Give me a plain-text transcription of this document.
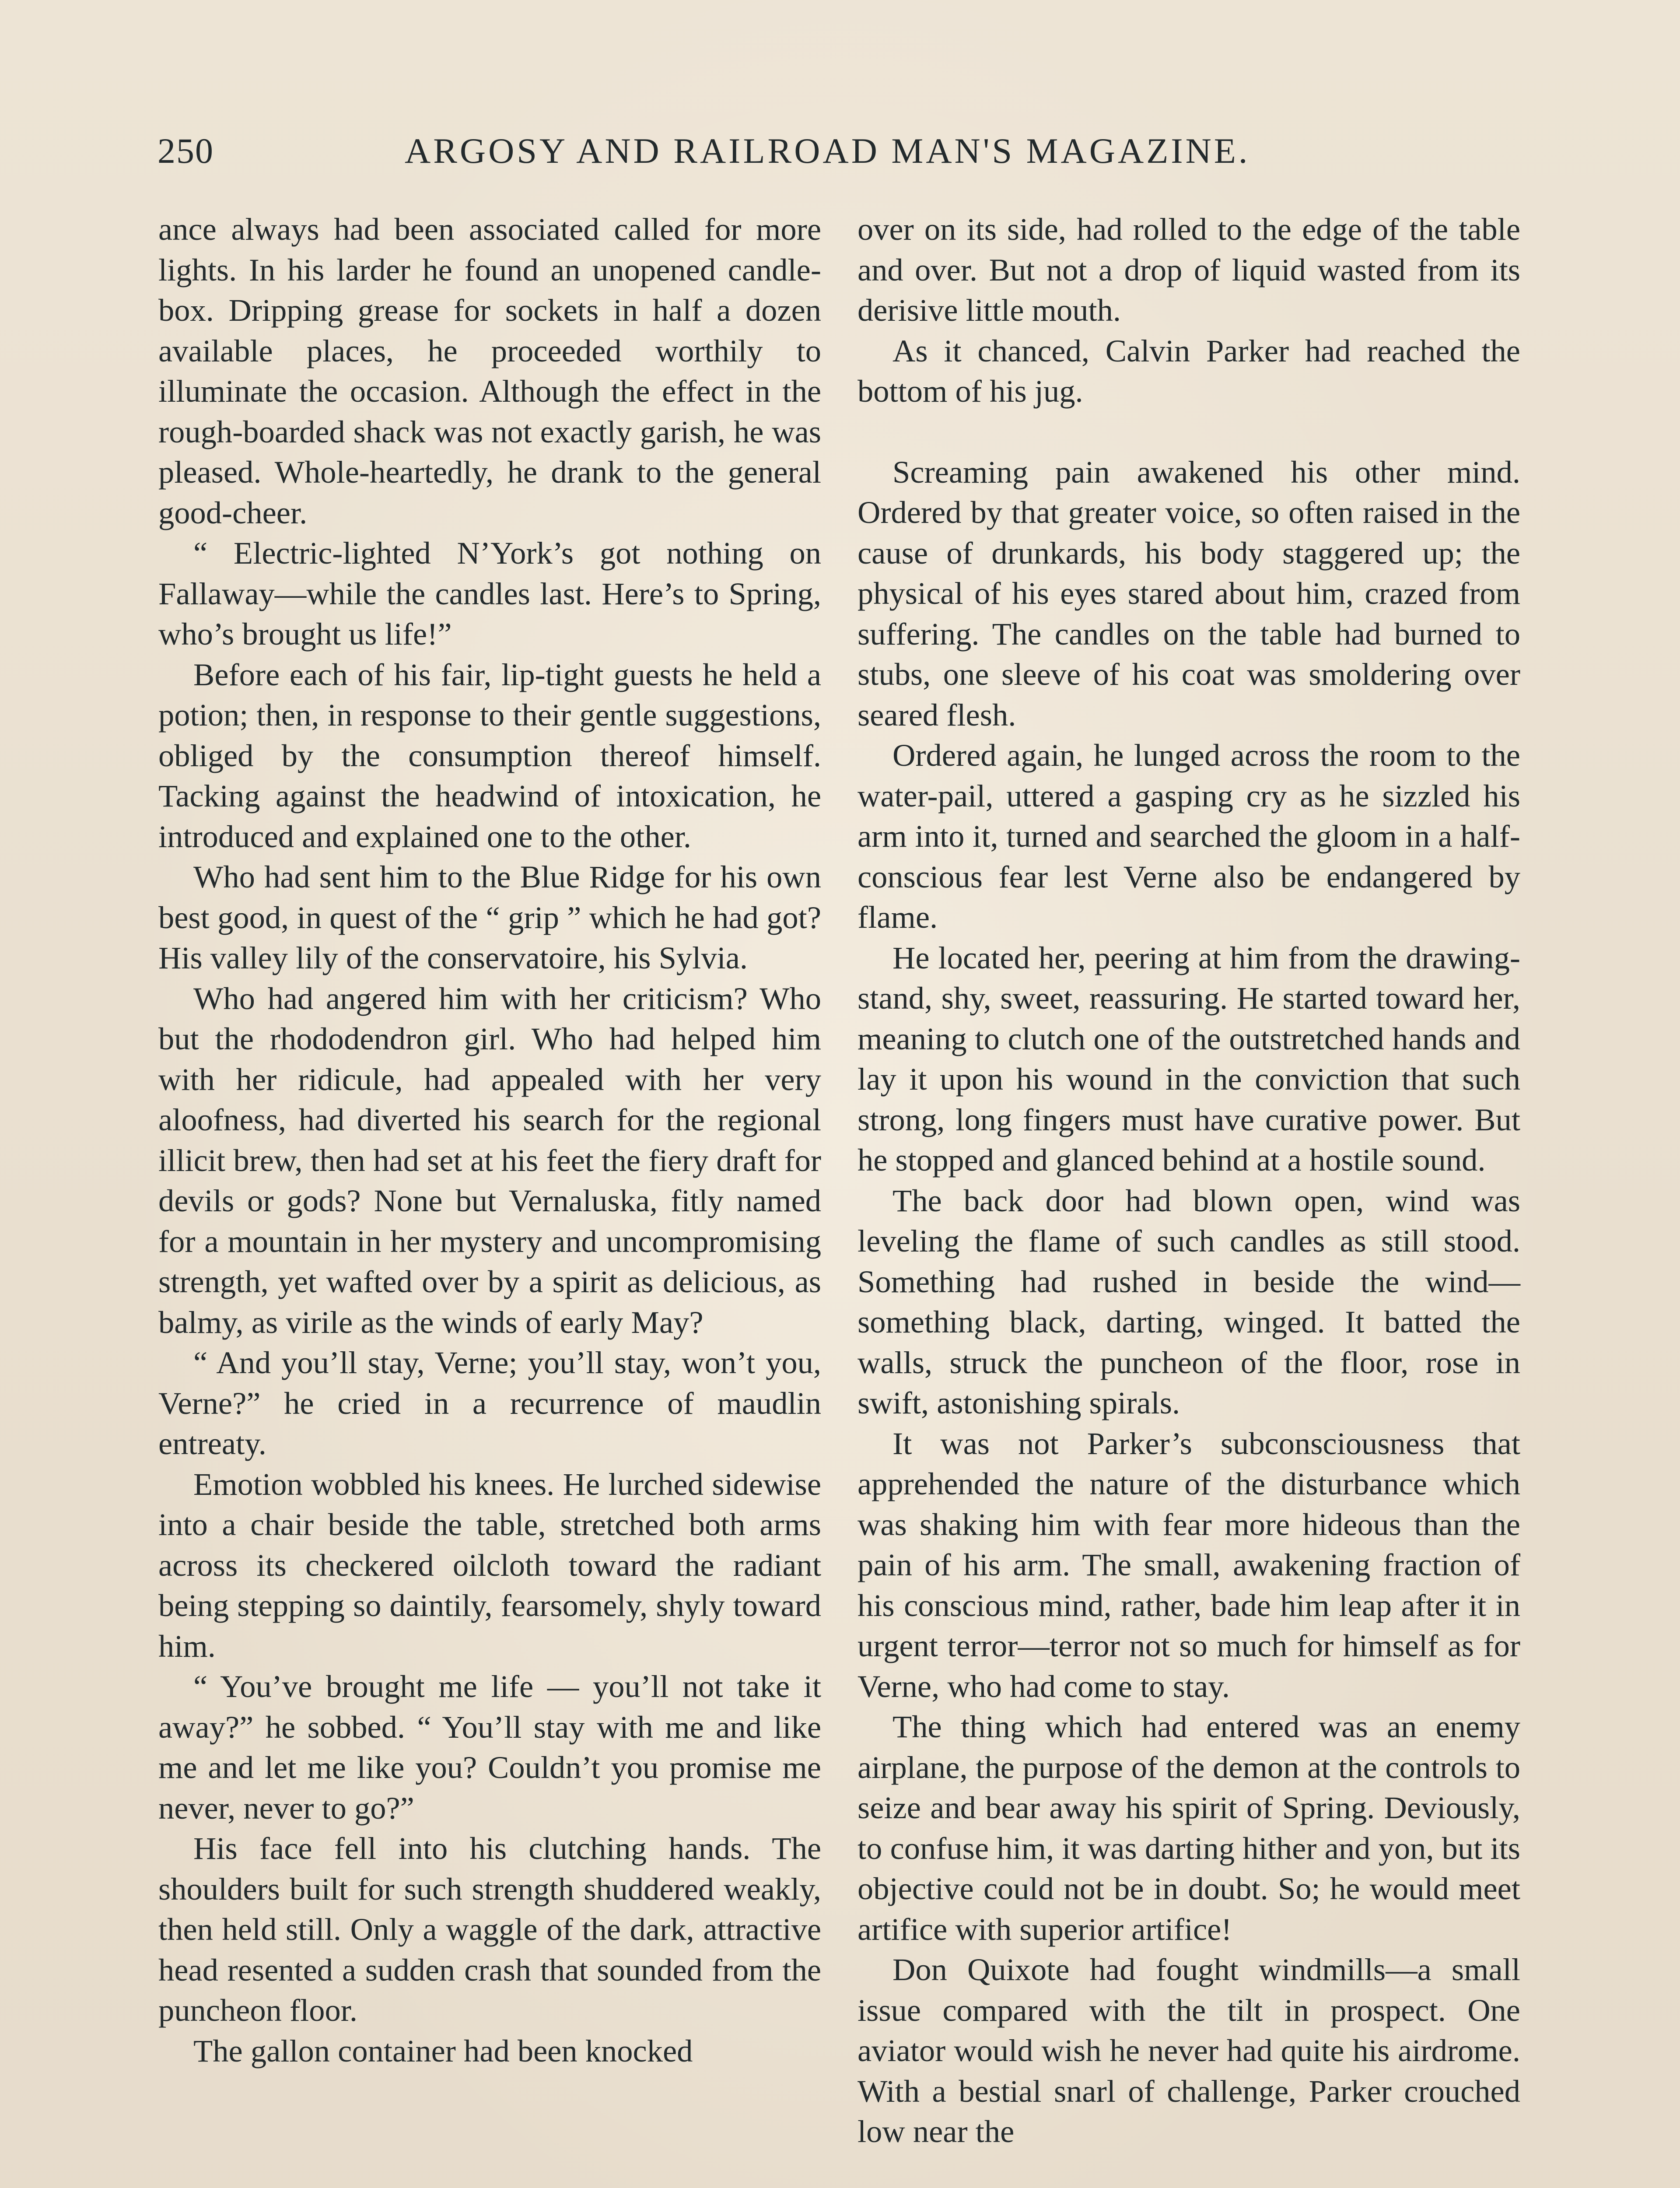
250	ARGOSY AND RAILROAD MAN'S MAGAZINE.

ance always had been associated called for more lights. In his larder he found an unopened candle-box. Dripping grease for sockets in half a dozen available places, he proceeded worthily to illuminate the occasion. Although the effect in the rough-boarded shack was not exactly garish, he was pleased. Whole-heartedly, he drank to the general good-cheer.

“ Electric-lighted N’York’s got nothing on Fallaway—while the candles last. Here’s to Spring, who’s brought us life!”

Before each of his fair, lip-tight guests he held a potion; then, in response to their gentle suggestions, obliged by the consumption thereof himself. Tacking against the headwind of intoxication, he introduced and explained one to the other.

Who had sent him to the Blue Ridge for his own best good, in quest of the “ grip ” which he had got? His valley lily of the conservatoire, his Sylvia.

Who had angered him with her criticism? Who but the rhododendron girl. Who had helped him with her ridicule, had appealed with her very aloofness, had diverted his search for the regional illicit brew, then had set at his feet the fiery draft for devils or gods? None but Vernaluska, fitly named for a mountain in her mystery and uncompromising strength, yet wafted over by a spirit as delicious, as balmy, as virile as the winds of early May?

“ And you’ll stay, Verne; you’ll stay, won’t you, Verne?” he cried in a recurrence of maudlin entreaty.

Emotion wobbled his knees. He lurched sidewise into a chair beside the table, stretched both arms across its checkered oilcloth toward the radiant being stepping so daintily, fearsomely, shyly toward him.

“ You’ve brought me life — you’ll not take it away?” he sobbed. “ You’ll stay with me and like me and let me like you? Couldn’t you promise me never, never to go?”

His face fell into his clutching hands. The shoulders built for such strength shuddered weakly, then held still. Only a waggle of the dark, attractive head resented a sudden crash that sounded from the puncheon floor.

The gallon container had been knocked

over on its side, had rolled to the edge of the table and over. But not a drop of liquid wasted from its derisive little mouth.

As it chanced, Calvin Parker had reached the bottom of his jug.

Screaming pain awakened his other mind. Ordered by that greater voice, so often raised in the cause of drunkards, his body staggered up; the physical of his eyes stared about him, crazed from suffering. The candles on the table had burned to stubs, one sleeve of his coat was smoldering over seared flesh.

Ordered again, he lunged across the room to the water-pail, uttered a gasping cry as he sizzled his arm into it, turned and searched the gloom in a half-conscious fear lest Verne also be endangered by flame.

He located her, peering at him from the drawing-stand, shy, sweet, reassuring. He started toward her, meaning to clutch one of the outstretched hands and lay it upon his wound in the conviction that such strong, long fingers must have curative power. But he stopped and glanced behind at a hostile sound.

The back door had blown open, wind was leveling the flame of such candles as still stood. Something had rushed in beside the wind—something black, darting, winged. It batted the walls, struck the puncheon of the floor, rose in swift, astonishing spirals.

It was not Parker’s subconsciousness that apprehended the nature of the disturbance which was shaking him with fear more hideous than the pain of his arm. The small, awakening fraction of his conscious mind, rather, bade him leap after it in urgent terror—terror not so much for himself as for Verne, who had come to stay.

The thing which had entered was an enemy airplane, the purpose of the demon at the controls to seize and bear away his spirit of Spring. Deviously, to confuse him, it was darting hither and yon, but its objective could not be in doubt. So; he would meet artifice with superior artifice!

Don Quixote had fought windmills—a small issue compared with the tilt in prospect. One aviator would wish he never had quite his airdrome. With a bestial snarl of challenge, Parker crouched low near the
